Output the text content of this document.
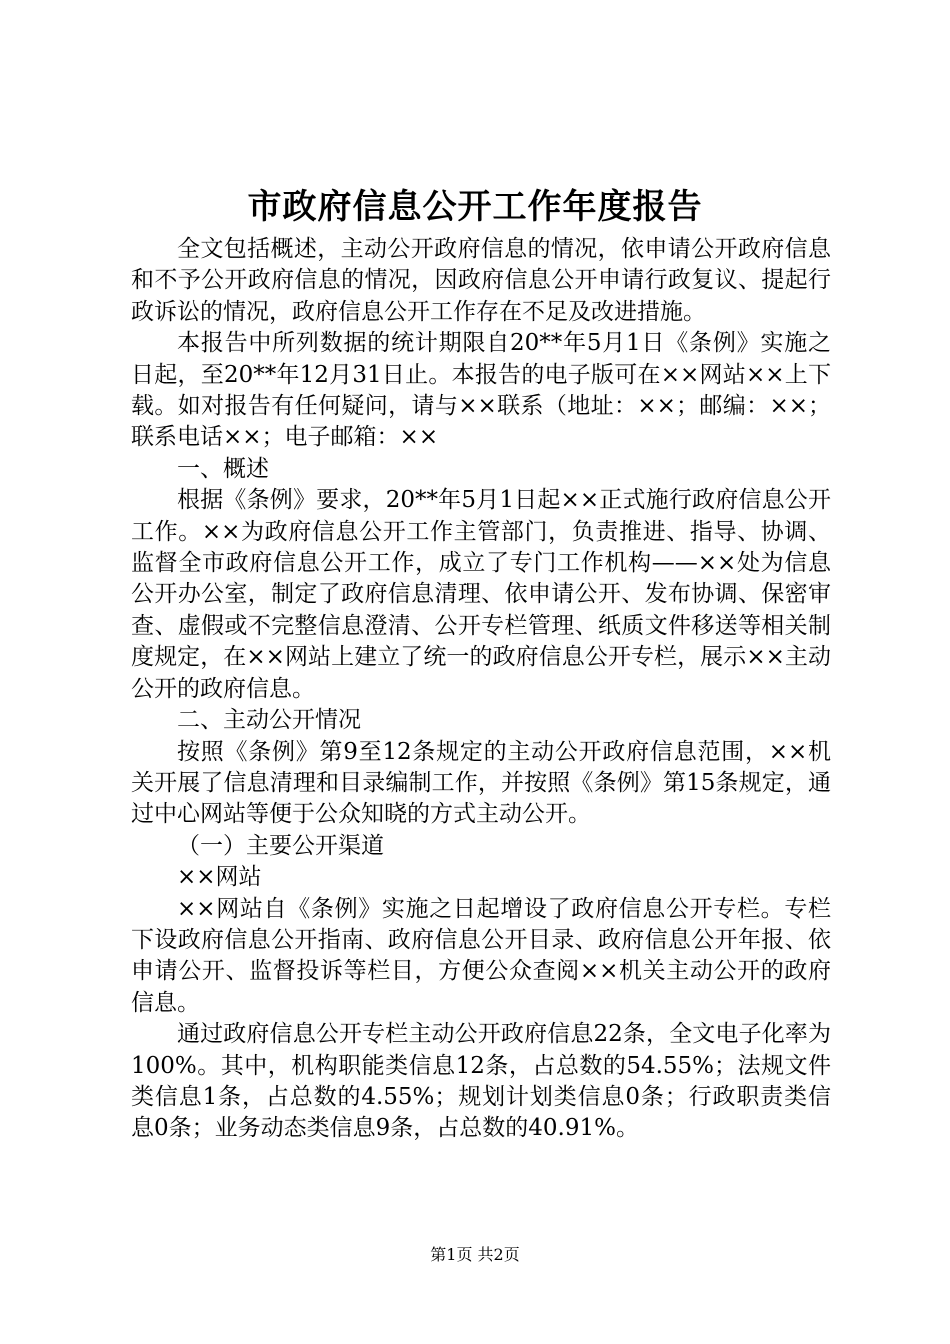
市政府信息公开工作年度报告

全文包括概述，主动公开政府信息的情况，依申请公开政府信息和不予公开政府信息的情况，因政府信息公开申请行政复议、提起行政诉讼的情况，政府信息公开工作存在不足及改进措施。

本报告中所列数据的统计期限自20**年5月1日《条例》实施之日起，至20**年12月31日止。本报告的电子版可在××网站××上下载。如对报告有任何疑问，请与××联系（地址：××；邮编：××；联系电话××；电子邮箱：××

一、概述

根据《条例》要求，20**年5月1日起××正式施行政府信息公开工作。××为政府信息公开工作主管部门，负责推进、指导、协调、监督全市政府信息公开工作，成立了专门工作机构——××处为信息公开办公室，制定了政府信息清理、依申请公开、发布协调、保密审查、虚假或不完整信息澄清、公开专栏管理、纸质文件移送等相关制度规定，在××网站上建立了统一的政府信息公开专栏，展示××主动公开的政府信息。

二、主动公开情况

按照《条例》第9至12条规定的主动公开政府信息范围，××机关开展了信息清理和目录编制工作，并按照《条例》第15条规定，通过中心网站等便于公众知晓的方式主动公开。

（一）主要公开渠道

××网站

××网站自《条例》实施之日起增设了政府信息公开专栏。专栏下设政府信息公开指南、政府信息公开目录、政府信息公开年报、依申请公开、监督投诉等栏目，方便公众查阅××机关主动公开的政府信息。

通过政府信息公开专栏主动公开政府信息22条，全文电子化率为100%。其中，机构职能类信息12条，占总数的54.55%；法规文件类信息1条，占总数的4.55%；规划计划类信息0条；行政职责类信息0条；业务动态类信息9条，占总数的40.91%。

第1页 共2页
